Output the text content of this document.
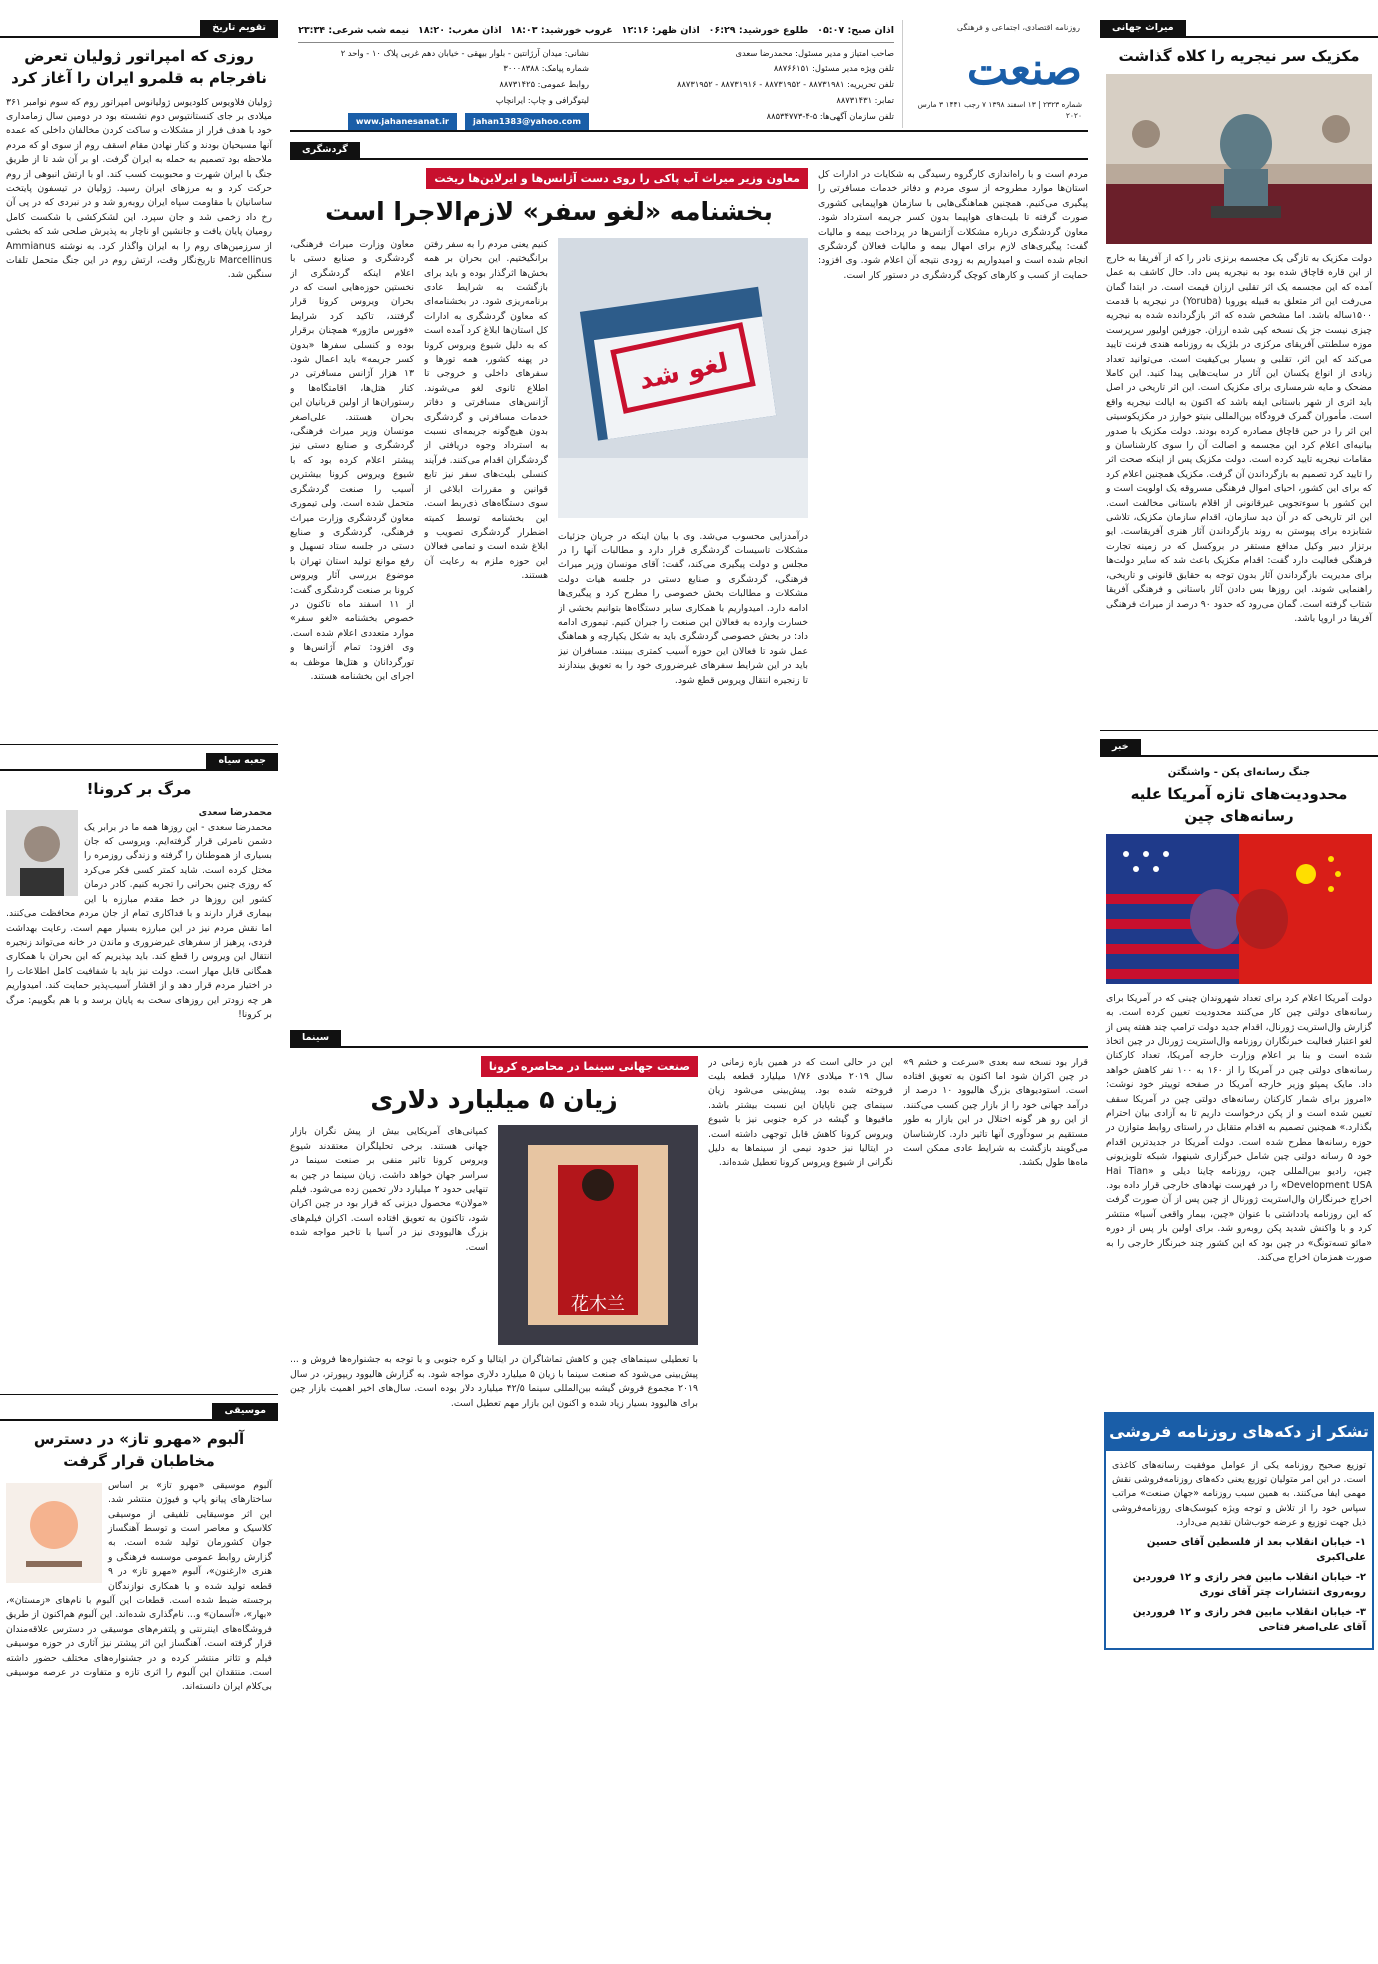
میراث جهانی
مکزیک سر نیجریه را کلاه گذاشت

دولت مکزیک به تازگی یک مجسمه برنزی نادر را که از آفریقا به خارج از این قاره قاچاق شده بود به نیجریه پس داد. حال کاشف به عمل آمده که این مجسمه یک اثر تقلبی ارزان قیمت است. در ابتدا گمان می‌رفت این اثر متعلق به قبیله یوروبا (Yoruba) در نیجریه با قدمت ۱۵۰۰ساله باشد. اما مشخص شده که اثر بازگردانده شده به نیجریه چیزی نیست جز یک نسخه کپی شده ارزان. جوزفین اولیور سرپرست موزه سلطنتی آفریقای مرکزی در بلژیک به روزنامه هندی فرنت تایید می‌کند که این اثر، تقلبی و بسیار بی‌کیفیت است. می‌توانید تعداد زیادی از انواع یکسان این آثار در سایت‌هایی پیدا کنید. این کاملا مضحک و مایه شرمساری برای مکزیک است. این اثر تاریخی در اصل باید اثری از شهر باستانی ایفه باشد که اکنون به ایالت نیجریه واقع است. مأموران گمرک فرودگاه بین‌المللی بنیتو خوارز در مکزیکوسیتی این اثر را در حین قاچاق مصادره کرده بودند. دولت مکزیک با صدور بیانیه‌ای اعلام کرد این مجسمه و اصالت آن را سوی کارشناسان و مقامات نیجریه تایید کرده است. دولت مکزیک پس از اینکه صحت اثر را تایید کرد تصمیم به بازگرداندن آن گرفت. مکزیک همچنین اعلام کرد که برای این کشور، احیای اموال فرهنگی مسروقه یک اولویت است و این کشور با سوء‌تجویی غیرقانونی از اقلام باستانی مخالفت است. این اثر تاریخی که در آن دید سازمان، اقدام سازمان مکزیک، تلاشی شتابزده برای پیوستن به روند بازگرداندن آثار هنری آفریقاست. ایو برتزار دبیر وکیل مدافع مستقر در بروکسل که در زمینه تجارت فرهنگی فعالیت دارد گفت: اقدام مکزیک باعث شد که سایر دولت‌ها برای مدیریت بازگرداندن آثار بدون توجه به حقایق قانونی و تاریخی، راهنمایی شوند. این روزها بس دادن آثار باستانی و فرهنگی آفریقا شتاب گرفته است. گمان می‌رود که حدود ۹۰ درصد از میراث فرهنگی آفریقا در اروپا باشد.

خبر
جنگ رسانه‌ای پکن - واشنگتن
محدودیت‌های تازه آمریکا علیه رسانه‌های چین

دولت آمریکا اعلام کرد برای تعداد شهروندان چینی که در آمریکا برای رسانه‌های دولتی چین کار می‌کنند محدودیت تعیین کرده است. به گزارش وال‌استریت ژورنال، اقدام جدید دولت ترامپ چند هفته پس از لغو اعتبار فعالیت خبرنگاران روزنامه وال‌استریت ژورنال در چین اتخاذ شده است و بنا بر اعلام وزارت خارجه آمریکا، تعداد کارکنان رسانه‌های دولتی چین در آمریکا را از ۱۶۰ به ۱۰۰ نفر کاهش خواهد داد. مایک پمپئو وزیر خارجه آمریکا در صفحه توییتر خود نوشت: «امروز برای شمار کارکنان رسانه‌های دولتی چین در آمریکا سقف تعیین شده است و از پکن درخواست داریم تا به آزادی بیان احترام بگذارد.» همچنین تصمیم به اقدام متقابل در راستای روابط متوازن در حوزه رسانه‌ها مطرح شده است. دولت آمریکا در جدید‌ترین اقدام خود ۵ رسانه دولتی چین شامل خبرگزاری شینهوا، شبکه تلویزیونی چین، رادیو بین‌المللی چین، روزنامه چاینا دیلی و «Hai Tian Development USA» را در فهرست نهادهای خارجی قرار داده بود. اخراج خبرنگاران وال‌استریت ژورنال از چین پس از آن صورت گرفت که این روزنامه یادداشتی با عنوان «چین، بیمار واقعی آسیا» منتشر کرد و با واکنش شدید پکن روبه‌رو شد. برای اولین بار پس از دوره «مائو تسه‌تونگ» در چین بود که این کشور چند خبرنگار خارجی را به صورت همزمان اخراج می‌کند.

تشکر از دکه‌های روزنامه فروشی

توزیع صحیح روزنامه یکی از عوامل موفقیت رسانه‌های کاغذی است. در این امر متولیان توزیع یعنی دکه‌های روزنامه‌فروشی نقش مهمی ایفا می‌کنند. به همین سبب روزنامه «جهان صنعت» مراتب سپاس خود را از تلاش و توجه ویژه کیوسک‌های روزنامه‌فروشی ذیل جهت توزیع و عرضه خوب‌شان تقدیم می‌دارد.

۱- خیابان انقلاب بعد از فلسطین آقای حسین علی‌اکبری

۲- خیابان انقلاب مابین فخر رازی و ۱۲ فروردین روبه‌روی انتشارات چتر آقای نوری

۳- خیابان انقلاب مابین فخر رازی و ۱۲ فروردین آقای علی‌اصغر فتاحی

روزنامه اقتصادی، اجتماعی و فرهنگی
صنعت
شماره ۲۳۲۳ | ۱۳ اسفند ۱۳۹۸ ۷ رجب ۱۴۴۱ ۳ مارس ۲۰۲۰
اذان صبح: ۰۵:۰۷
طلوع خورشید: ۰۶:۲۹
اذان ظهر: ۱۲:۱۶
غروب خورشید: ۱۸:۰۳
اذان مغرب: ۱۸:۲۰
نیمه شب شرعی: ۲۳:۳۴
صاحب امتیاز و مدیر مسئول: محمدرضا سعدی
تلفن ویژه مدیر مسئول: ۸۸۷۶۶۱۵۱
تلفن تحریریه: ۸۸۷۳۱۹۸۱ - ۸۸۷۳۱۹۵۲ - ۸۸۷۳۱۹۱۶ - ۸۸۷۳۱۹۵۲
تمابر: ۸۸۷۳۱۴۳۱
تلفن سازمان آگهی‌ها: ۵-۴-۸۸۵۳۴۷۷۳
نشانی: میدان آرژانتین - بلوار بیهقی - خیابان دهم غربی پلاک ۱۰ - واحد ۲
شماره پیامک: ۳۰۰۰۸۳۸۸
روابط عمومی: ۸۸۷۳۱۴۲۵
لیتوگرافی و چاپ: ایرانچاپ
jahan1383@yahoo.com
www.jahanesanat.ir
گردشگری
مردم است و با راه‌اندازی کارگروه رسیدگی به شکایات در ادارات کل استان‌ها موارد مطروحه از سوی مردم و دفاتر خدمات مسافرتی را پیگیری می‌کنیم. همچنین هماهنگی‌هایی با سازمان هواپیمایی کشوری صورت گرفته تا بلیت‌های هواپیما بدون کسر جریمه استرداد شود. معاون گردشگری درباره مشکلات آژانس‌ها در پرداخت بیمه و مالیات گفت: پیگیری‌های لازم برای امهال بیمه و مالیات فعالان گردشگری انجام شده است و امیدواریم به زودی نتیجه آن اعلام شود. وی افزود: حمایت از کسب و کارهای کوچک گردشگری در دستور کار است.
معاون وزیر میراث آب پاکی را روی دست آژانس‌ها و ایرلاین‌ها ریخت
بخشنامه «لغو سفر» لازم‌الاجرا است
لغو شد
درآمدزایی محسوب می‌شد. وی با بیان اینکه در جریان جزئیات مشکلات تاسیسات گردشگری قرار دارد و مطالبات آنها را در مجلس و دولت پیگیری می‌کند، گفت: آقای مونسان وزیر میراث فرهنگی، گردشگری و صنایع دستی در جلسه هیات دولت مشکلات و مطالبات بخش خصوصی را مطرح کرد و پیگیری‌ها ادامه دارد. امیدواریم با همکاری سایر دستگاه‌ها بتوانیم بخشی از خسارت وارده به فعالان این صنعت را جبران کنیم. تیموری ادامه داد: در بخش خصوصی گردشگری باید به شکل یکپارچه و هماهنگ عمل شود تا فعالان این حوزه آسیب کمتری ببینند. مسافران نیز باید در این شرایط سفرهای غیرضروری خود را به تعویق بیندازند تا زنجیره انتقال ویروس قطع شود.
کنیم یعنی مردم را به سفر رفتن برانگیختیم. این بحران بر همه بخش‌ها اثرگذار بوده و باید برای بازگشت به شرایط عادی برنامه‌ریزی شود. در بخشنامه‌ای که معاون گردشگری به ادارات کل استان‌ها ابلاغ کرد آمده است که به دلیل شیوع ویروس کرونا در پهنه کشور، همه تورها و سفرهای داخلی و خروجی تا اطلاع ثانوی لغو می‌شوند. آژانس‌های مسافرتی و دفاتر خدمات مسافرتی و گردشگری بدون هیچ‌گونه جریمه‌ای نسبت به استرداد وجوه دریافتی از گردشگران اقدام می‌کنند. فرآیند کنسلی بلیت‌های سفر نیز تابع قوانین و مقررات ابلاغی از سوی دستگاه‌های ذی‌ربط است. این بخشنامه توسط کمیته اضطرار گردشگری تصویب و ابلاغ شده است و تمامی فعالان این حوزه ملزم به رعایت آن هستند.
معاون وزارت میراث فرهنگی، گردشگری و صنایع دستی با اعلام اینکه گردشگری از نخستین حوزه‌هایی است که در بحران ویروس کرونا قرار گرفتند، تاکید کرد شرایط «فورس ماژور» همچنان برقرار بوده و کنسلی سفرها «بدون کسر جریمه» باید اعمال شود. ۱۳ هزار آژانس مسافرتی در کنار هتل‌ها، اقامتگاه‌ها و رستوران‌ها از اولین قربانیان این بحران هستند. علی‌اصغر مونسان وزیر میراث فرهنگی، گردشگری و صنایع دستی نیز پیشتر اعلام کرده بود که با شیوع ویروس کرونا بیشترین آسیب را صنعت گردشگری متحمل شده است. ولی تیموری معاون گردشگری وزارت میراث فرهنگی، گردشگری و صنایع دستی در جلسه ستاد تسهیل و رفع موانع تولید استان تهران با موضوع بررسی آثار ویروس کرونا بر صنعت گردشگری گفت: از ۱۱ اسفند ماه تاکنون در خصوص بخشنامه «لغو سفر» موارد متعددی اعلام شده است. وی افزود: تمام آژانس‌ها و تورگردانان و هتل‌ها موظف به اجرای این بخشنامه هستند.
سینما
قرار بود نسخه سه بعدی «سرعت و خشم ۹» در چین اکران شود اما اکنون به تعویق افتاده است. استودیوهای بزرگ هالیوود ۱۰ درصد از درآمد جهانی خود را از بازار چین کسب می‌کنند. از این رو هر گونه اختلال در این بازار به طور مستقیم بر سودآوری آنها تاثیر دارد. کارشناسان می‌گویند بازگشت به شرایط عادی ممکن است ماه‌ها طول بکشد.
این در حالی است که در همین بازه زمانی در سال ۲۰۱۹ میلادی ۱/۷۶ میلیارد قطعه بلیت فروخته شده بود. پیش‌بینی می‌شود زیان سینمای چین ناپایان این نسبت بیشتر باشد. مافیوها و گیشه در کره جنوبی نیز با شیوع ویروس کرونا کاهش قابل توجهی داشته است. در ایتالیا نیز حدود نیمی از سینماها به دلیل نگرانی از شیوع ویروس کرونا تعطیل شده‌اند.
صنعت جهانی سینما در محاصره کرونا
زیان ۵ میلیارد دلاری
花木兰
کمپانی‌های آمریکایی بیش از پیش نگران بازار جهانی هستند. برخی تحلیلگران معتقدند شیوع ویروس کرونا تاثیر منفی بر صنعت سینما در سراسر جهان خواهد داشت. زیان سینما در چین به تنهایی حدود ۲ میلیارد دلار تخمین زده می‌شود. فیلم «مولان» محصول دیزنی که قرار بود در چین اکران شود، تاکنون به تعویق افتاده است. اکران فیلم‌های بزرگ هالیوودی نیز در آسیا با تاخیر مواجه شده است.
با تعطیلی سینماهای چین و کاهش تماشاگران در ایتالیا و کره جنوبی و با توجه به جشنواره‌ها فروش و ... پیش‌بینی می‌شود که صنعت سینما با زیان ۵ میلیارد دلاری مواجه شود. به گزارش هالیوود ریپورتر، در سال ۲۰۱۹ مجموع فروش گیشه بین‌المللی سینما ۴۲/۵ میلیارد دلار بوده است. سال‌های اخیر اهمیت بازار چین برای هالیوود بسیار زیاد شده و اکنون این بازار مهم تعطیل است.
تقویم تاریخ
روزی که امپراتور ژولیان تعرض نافرجام به قلمرو ایران را آغاز کرد

ژولیان فلاویوس کلودیوس ژولیانوس امپراتور روم که سوم نوامبر ۳۶۱ میلادی بر جای کنستانتیوس دوم نشسته بود در دومین سال زمامداری خود با هدف فرار از مشکلات و ساکت کردن مخالفان داخلی که عمده آنها مسیحیان بودند و کنار نهادن مقام اسقف روم از سوی او که مردم ملاحظه بود تصمیم به حمله به ایران گرفت. او بر آن شد تا از طریق جنگ با ایران شهرت و محبوبیت کسب کند. او با ارتش انبوهی از روم حرکت کرد و به مرزهای ایران رسید. ژولیان در تیسفون پایتخت ساسانیان با مقاومت سپاه ایران روبه‌رو شد و در نبردی که در پی آن رخ داد زخمی شد و جان سپرد. این لشکرکشی با شکست کامل رومیان پایان یافت و جانشین او ناچار به پذیرش صلحی شد که بخشی از سرزمین‌های روم را به ایران واگذار کرد. به نوشته Ammianus Marcellinus تاریخ‌نگار وقت، ارتش روم در این جنگ متحمل تلفات سنگین شد.

جعبه سیاه
مرگ بر کرونا!
محمدرضا سعدی

محمدرضا سعدی - این روزها همه ما در برابر یک دشمن نامرئی قرار گرفته‌ایم. ویروسی که جان بسیاری از هموطنان را گرفته و زندگی روزمره را مختل کرده است. شاید کمتر کسی فکر می‌کرد که روزی چنین بحرانی را تجربه کنیم. کادر درمان کشور این روزها در خط مقدم مبارزه با این بیماری قرار دارند و با فداکاری تمام از جان مردم محافظت می‌کنند. اما نقش مردم نیز در این مبارزه بسیار مهم است. رعایت بهداشت فردی، پرهیز از سفرهای غیرضروری و ماندن در خانه می‌تواند زنجیره انتقال این ویروس را قطع کند. باید بپذیریم که این بحران با همکاری همگانی قابل مهار است. دولت نیز باید با شفافیت کامل اطلاعات را در اختیار مردم قرار دهد و از اقشار آسیب‌پذیر حمایت کند. امیدواریم هر چه زودتر این روزهای سخت به پایان برسد و با هم بگوییم: مرگ بر کرونا!

موسیقی
آلبوم «مهرو تاز» در دسترس مخاطبان قرار گرفت

آلبوم موسیقی «مهرو تاز» بر اساس ساختارهای پیانو پاپ و فیوژن منتشر شد. این اثر موسیقایی تلفیقی از موسیقی کلاسیک و معاصر است و توسط آهنگساز جوان کشورمان تولید شده است. به گزارش روابط عمومی موسسه فرهنگی و هنری «ارغنون»، آلبوم «مهرو تاز» در ۹ قطعه تولید شده و با همکاری نوازندگان برجسته ضبط شده است. قطعات این آلبوم با نام‌های «زمستان»، «بهار»، «آسمان» و... نام‌گذاری شده‌اند. این آلبوم هم‌اکنون از طریق فروشگاه‌های اینترنتی و پلتفرم‌های موسیقی در دسترس علاقه‌مندان قرار گرفته است. آهنگساز این اثر پیشتر نیز آثاری در حوزه موسیقی فیلم و تئاتر منتشر کرده و در جشنواره‌های مختلف حضور داشته است. منتقدان این آلبوم را اثری تازه و متفاوت در عرصه موسیقی بی‌کلام ایران دانسته‌اند.
